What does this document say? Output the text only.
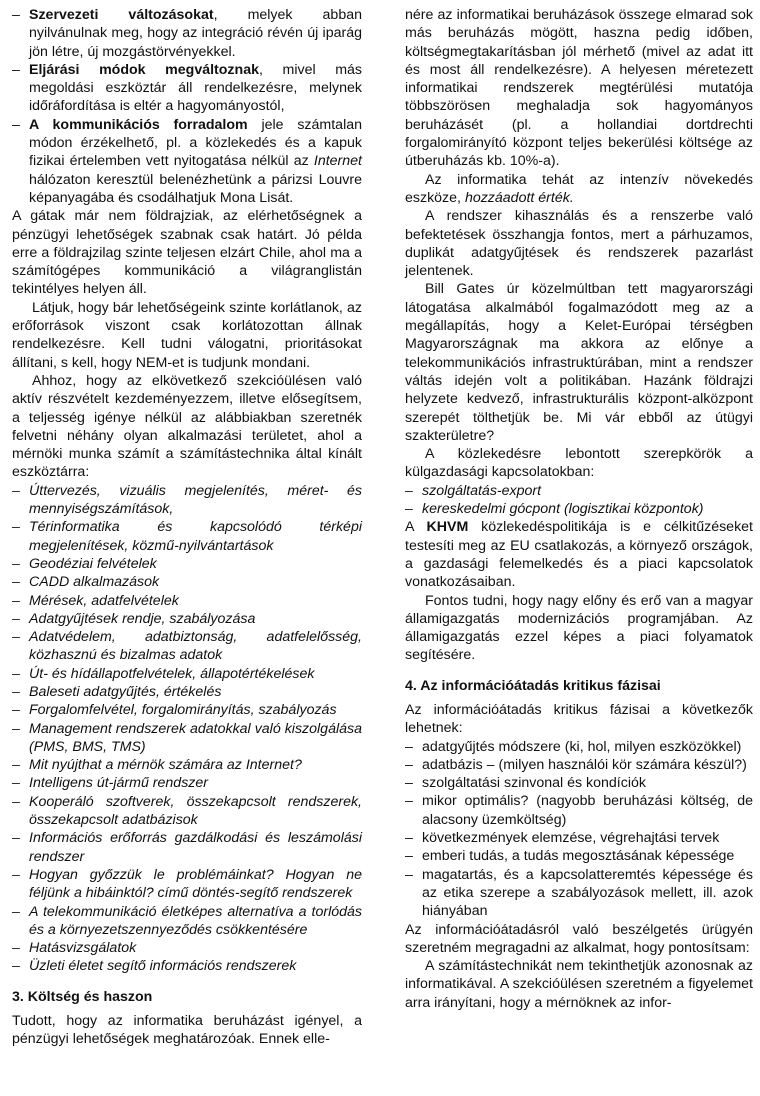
– Szervezeti változásokat, melyek abban nyilvánulnak meg, hogy az integráció révén új iparág jön létre, új mozgástörvényekkel.
– Eljárási módok megváltoznak, mivel más megoldási eszköztár áll rendelkezésre, melynek időráfordítása is eltér a hagyományostól,
– A kommunikációs forradalom jele számtalan módon érzékelhető, pl. a közlekedés és a kapuk fizikai értelemben vett nyitogatása nélkül az Internet hálózaton keresztül belenézhetünk a párizsi Louvre képanyagába és csodálhatjuk Mona Lisát.

A gátak már nem földrajziak, az elérhetőségnek a pénzügyi lehetőségek szabnak csak határt. Jó példa erre a földrajzilag szinte teljesen elzárt Chile, ahol ma a számítógépes kommunikáció a világranglistán tekintélyes helyen áll.

Látjuk, hogy bár lehetőségeink szinte korlátlanok, az erőforrások viszont csak korlátozottan állnak rendelkezésre. Kell tudni válogatni, prioritásokat állítani, s kell, hogy NEM-et is tudjunk mondani.

Ahhoz, hogy az elkövetkező szekcióülésen való aktív részvételt kezdeményezzem, illetve elősegítsem, a teljesség igénye nélkül az alábbiakban szeretnék felvetni néhány olyan alkalmazási területet, ahol a mérnöki munka számít a számítástechnika által kínált eszköztárra:

– Úttervezés, vizuális megjelenítés, méret- és mennyiségszámítások,
– Térinformatika és kapcsolódó térképi megjelenítések, közmű-nyilvántartások
– Geodéziai felvételek
– CADD alkalmazások
– Mérések, adatfelvételek
– Adatgyűjtések rendje, szabályozása
– Adatvédelem, adatbiztonság, adatfelelősség, közhasznú és bizalmas adatok
– Út- és hídállapotfelvételek, állapotértékelések
– Baleseti adatgyűjtés, értékelés
– Forgalomfelvétel, forgalomirányítás, szabályozás
– Management rendszerek adatokkal való kiszolgálása (PMS, BMS, TMS)
– Mit nyújthat a mérnök számára az Internet?
– Intelligens út-jármű rendszer
– Kooperáló szoftverek, összekapcsolt rendszerek, összekapcsolt adatbázisok
– Információs erőforrás gazdálkodási és leszámolási rendszer
– Hogyan győzzük le problémáinkat? Hogyan ne féljünk a hibáinktól? című döntés-segítő rendszerek
– A telekommunikáció életképes alternatíva a torlódás és a környezetszennyeződés csökkentésére
– Hatásvizsgálatok
– Üzleti életet segítő információs rendszerek
3. Költség és haszon

Tudott, hogy az informatika beruházást igényel, a pénzügyi lehetőségek meghatározóak. Ennek elle-

nére az informatikai beruházások összege elmarad sok más beruházás mögött, haszna pedig időben, költségmegtakarításban jól mérhető (mivel az adat itt és most áll rendelkezésre). A helyesen méretezett informatikai rendszerek megtérülési mutatója többszörösen meghaladja sok hagyományos beruházásét (pl. a hollandiai dortdrechti forgalomirányító központ teljes bekerülési költsége az útberuházás kb. 10%-a).

Az informatika tehát az intenzív növekedés eszköze, hozzáadott érték.

A rendszer kihasználás és a renszerbe való befektetések összhangja fontos, mert a párhuzamos, duplikát adatgyűjtések és rendszerek pazarlást jelentenek.

Bill Gates úr közelmúltban tett magyarországi látogatása alkalmából fogalmazódott meg az a megállapítás, hogy a Kelet-Európai térségben Magyarországnak ma akkora az előnye a telekommunikációs infrastruktúrában, mint a rendszer váltás idején volt a politikában. Hazánk földrajzi helyzete kedvező, infrastrukturális központ-alközpont szerepét tölthetjük be. Mi vár ebből az útügyi szakterületre?

A közlekedésre lebontott szerepkörök a külgazdasági kapcsolatokban:

– szolgáltatás-export
– kereskedelmi gócpont (logisztikai központok)

A KHVM közlekedéspolitikája is e célkitűzéseket testesíti meg az EU csatlakozás, a környező országok, a gazdasági felemelkedés és a piaci kapcsolatok vonatkozásaiban.

Fontos tudni, hogy nagy előny és erő van a magyar államigazgatás modernizációs programjában. Az államigazgatás ezzel képes a piaci folyamatok segítésére.

4. Az információátadás kritikus fázisai

Az információátadás kritikus fázisai a következők lehetnek:

– adatgyűjtés módszere (ki, hol, milyen eszközökkel)
– adatbázis – (milyen használói kör számára készül?)
– szolgáltatási szinvonal és kondíciók
– mikor optimális? (nagyobb beruházási költség, de alacsony üzemköltség)
– következmények elemzése, végrehajtási tervek
– emberi tudás, a tudás megosztásának képessége
– magatartás, és a kapcsolatteremtés képessége és az etika szerepe a szabályozások mellett, ill. azok hiányában

Az információátadásról való beszélgetés ürügyén szeretném megragadni az alkalmat, hogy pontosítsam:

A számítástechnikát nem tekinthetjük azonosnak az informatikával. A szekcióülésen szeretném a figyelemet arra irányítani, hogy a mérnöknek az infor-
